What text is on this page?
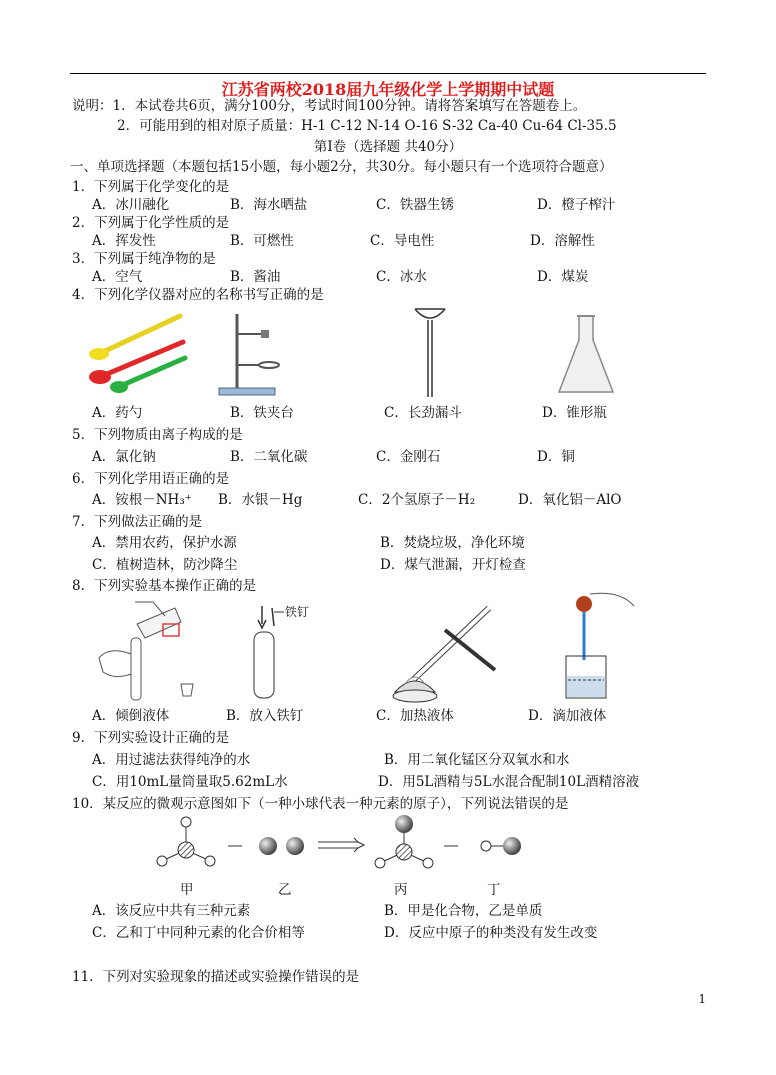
江苏省两校2018届九年级化学上学期期中试题
说明：1．本试卷共6页，满分100分，考试时间100分钟。请将答案填写在答题卷上。
2．可能用到的相对原子质量：H-1 C-12 N-14 O-16 S-32 Ca-40 Cu-64 Cl-35.5
第Ⅰ卷（选择题 共40分）
一、单项选择题（本题包括15小题，每小题2分，共30分。每小题只有一个选项符合题意）
1．下列属于化学变化的是
A．冰川融化	B．海水晒盐	C．铁器生锈	D．橙子榨汁
2．下列属于化学性质的是
A．挥发性	B．可燃性	C．导电性	D．溶解性
3．下列属于纯净物的是
A．空气	B．酱油	C．冰水	D．煤炭
4．下列化学仪器对应的名称书写正确的是
A．药勺	B．铁夹台	C．长劲漏斗	D．锥形瓶
5．下列物质由离子构成的是
A．氯化钠	B．二氧化碳	C．金刚石	D．铜
6．下列化学用语正确的是
A．铵根－NH₃⁺ B．水银－Hg	C．2个氢原子－H₂	D．氧化铝－AlO
7．下列做法正确的是
A．禁用农药，保护水源	B．焚烧垃圾，净化环境
C．植树造林，防沙降尘	D．煤气泄漏，开灯检查
8．下列实验基本操作正确的是
铁钉
A．倾倒液体	B．放入铁钉	C．加热液体	D．滴加液体
9．下列实验设计正确的是
A．用过滤法获得纯净的水	B．用二氧化锰区分双氧水和水
C．用10mL量筒量取5.62mL水	D．用5L酒精与5L水混合配制10L酒精溶液
10．某反应的微观示意图如下（一种小球代表一种元素的原子），下列说法错误的是
甲	乙	丙	丁
A．该反应中共有三种元素	B．甲是化合物，乙是单质
C．乙和丁中同种元素的化合价相等	D．反应中原子的种类没有发生改变
11．下列对实验现象的描述或实验操作错误的是
1
